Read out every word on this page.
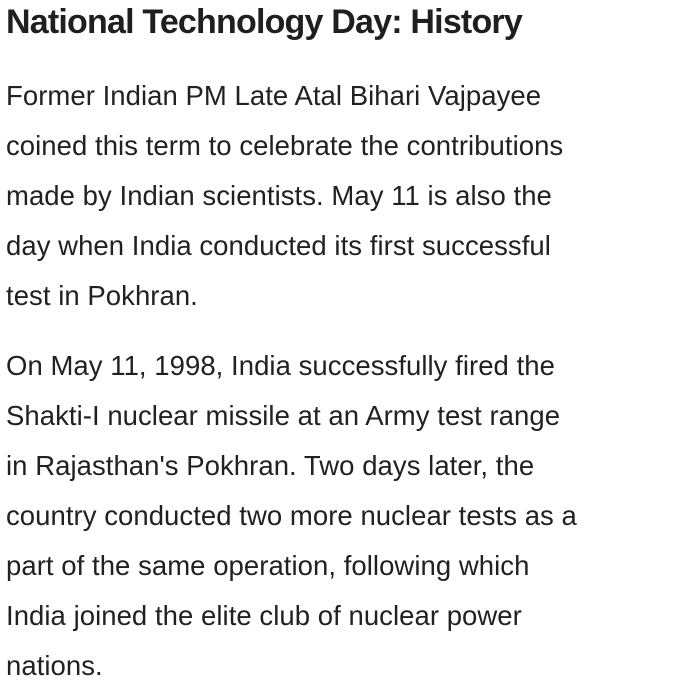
National Technology Day: History

Former Indian PM Late Atal Bihari Vajpayee
coined this term to celebrate the contributions
made by Indian scientists. May 11 is also the
day when India conducted its first successful
test in Pokhran.

On May 11, 1998, India successfully fired the
Shakti-I nuclear missile at an Army test range
in Rajasthan's Pokhran. Two days later, the
country conducted two more nuclear tests as a
part of the same operation, following which
India joined the elite club of nuclear power
nations.
